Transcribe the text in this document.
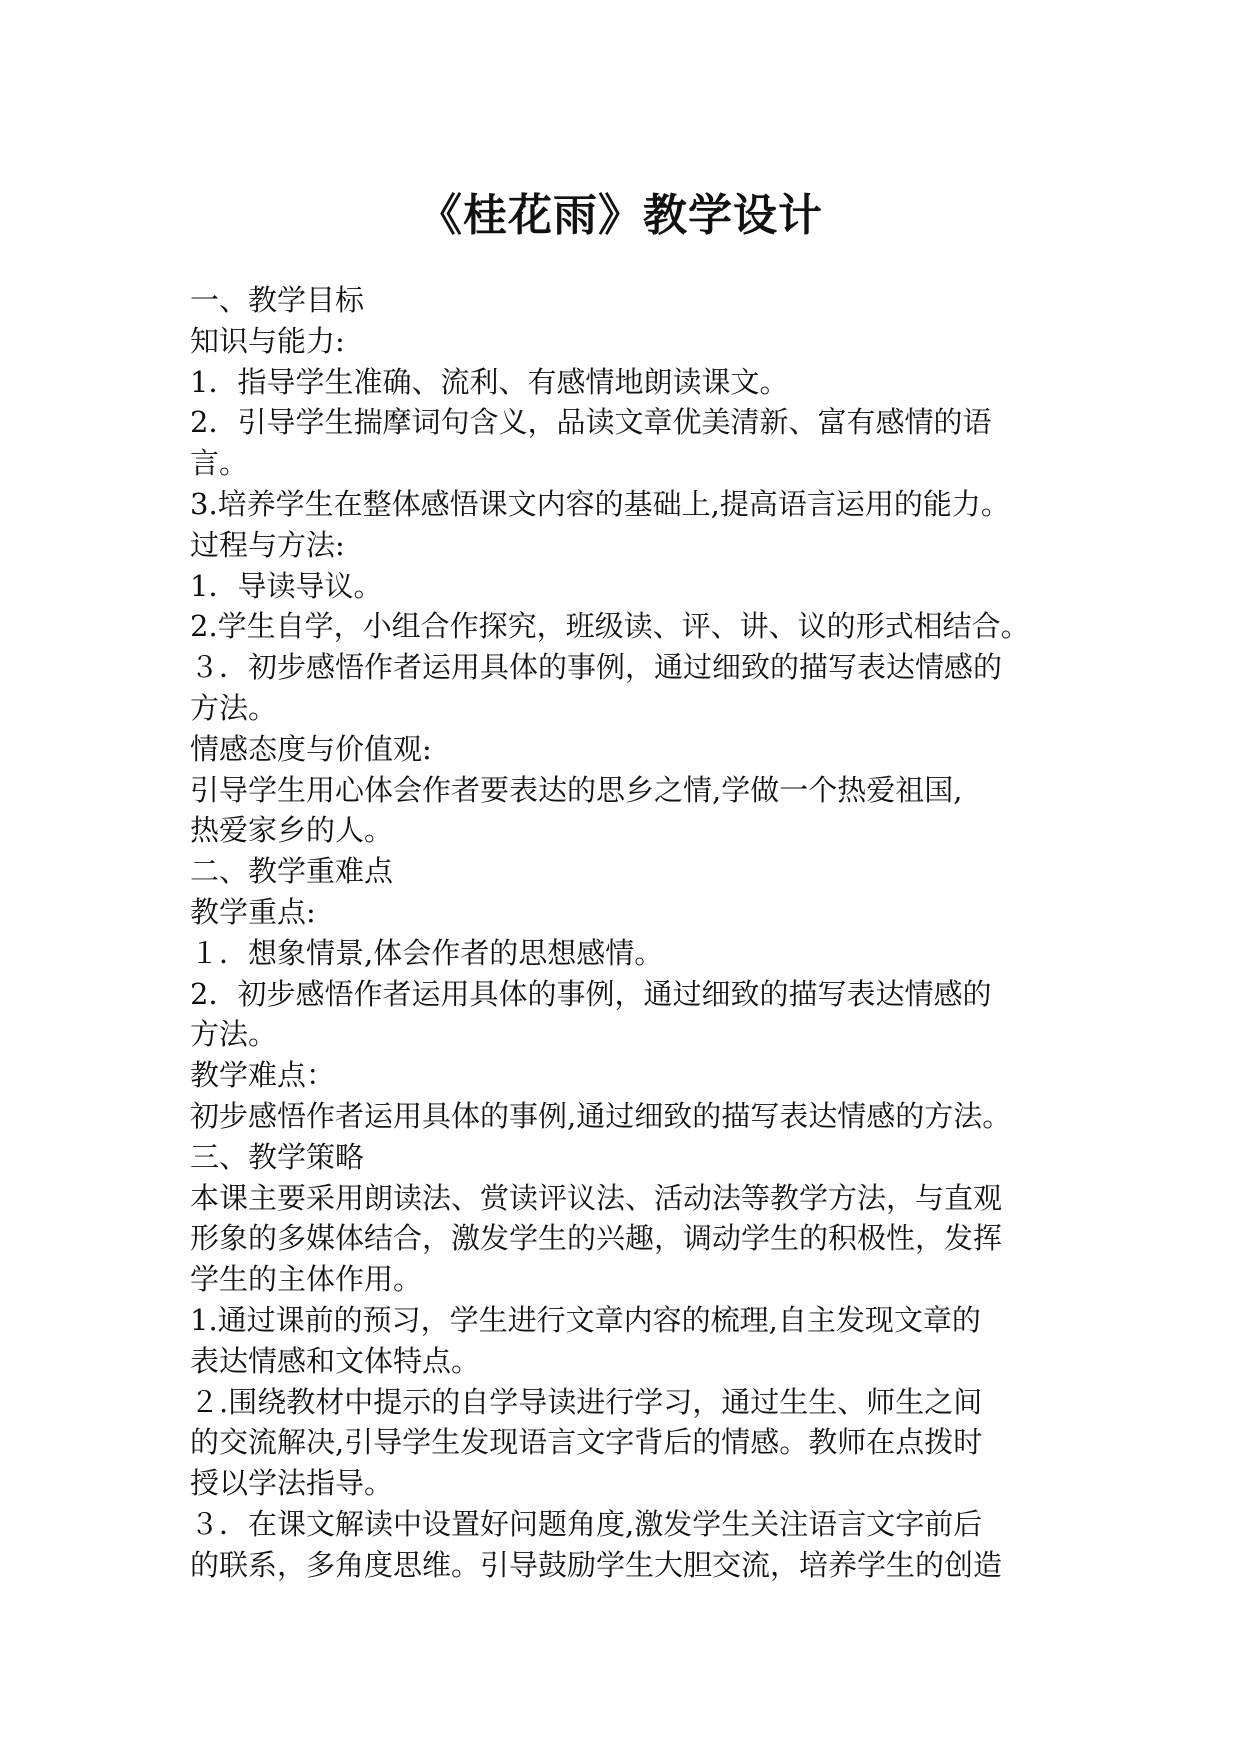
《桂花雨》教学设计
一、教学目标
知识与能力:
1．指导学生准确、流利、有感情地朗读课文。
2．引导学生揣摩词句含义，品读文章优美清新、富有感情的语
言。
3.培养学生在整体感悟课文内容的基础上,提高语言运用的能力。
过程与方法:
1．导读导议。
2.学生自学，小组合作探究，班级读、评、讲、议的形式相结合。
３．初步感悟作者运用具体的事例，通过细致的描写表达情感的
方法。
情感态度与价值观:
引导学生用心体会作者要表达的思乡之情,学做一个热爱祖国,
热爱家乡的人。
二、教学重难点
教学重点:
１．想象情景,体会作者的思想感情。
2．初步感悟作者运用具体的事例，通过细致的描写表达情感的
方法。
教学难点：
初步感悟作者运用具体的事例,通过细致的描写表达情感的方法。
三、教学策略
本课主要采用朗读法、赏读评议法、活动法等教学方法，与直观
形象的多媒体结合，激发学生的兴趣，调动学生的积极性，发挥
学生的主体作用。
1.通过课前的预习，学生进行文章内容的梳理,自主发现文章的
表达情感和文体特点。
２.围绕教材中提示的自学导读进行学习，通过生生、师生之间
的交流解决,引导学生发现语言文字背后的情感。教师在点拨时
授以学法指导。
３．在课文解读中设置好问题角度,激发学生关注语言文字前后
的联系，多角度思维。引导鼓励学生大胆交流，培养学生的创造
